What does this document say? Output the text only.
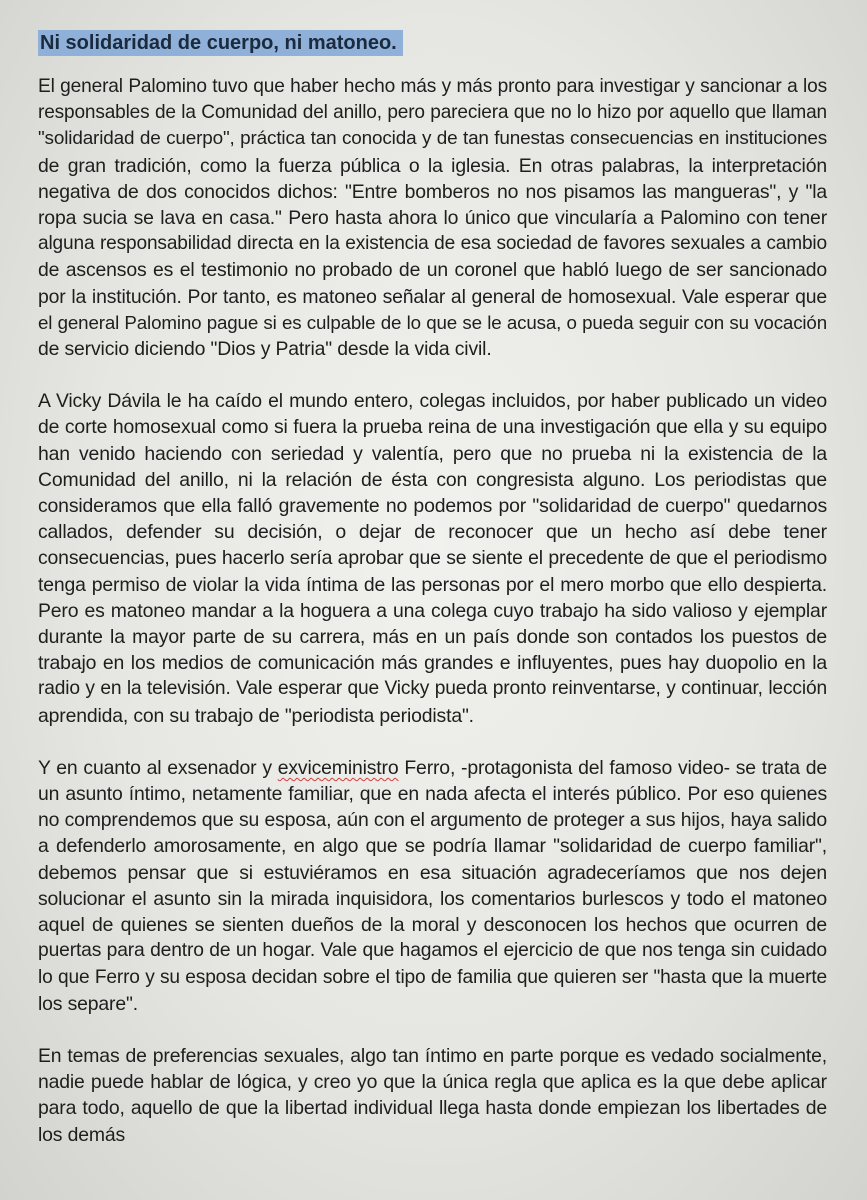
Ni solidaridad de cuerpo, ni matoneo.
El general Palomino tuvo que haber hecho más y más pronto para investigar y sancionar a los
responsables de la Comunidad del anillo, pero pareciera que no lo hizo por aquello que llaman
"solidaridad de cuerpo", práctica tan conocida y de tan funestas consecuencias en instituciones
de gran tradición, como la fuerza pública o la iglesia. En otras palabras, la interpretación
negativa de dos conocidos dichos: "Entre bomberos no nos pisamos las mangueras", y "la
ropa sucia se lava en casa." Pero hasta ahora lo único que vincularía a Palomino con tener
alguna responsabilidad directa en la existencia de esa sociedad de favores sexuales a cambio
de ascensos es el testimonio no probado de un coronel que habló luego de ser sancionado
por la institución. Por tanto, es matoneo señalar al general de homosexual. Vale esperar que
el general Palomino pague si es culpable de lo que se le acusa, o pueda seguir con su vocación
de servicio diciendo "Dios y Patria" desde la vida civil.
A Vicky Dávila le ha caído el mundo entero, colegas incluidos, por haber publicado un video
de corte homosexual como si fuera la prueba reina de una investigación que ella y su equipo
han venido haciendo con seriedad y valentía, pero que no prueba ni la existencia de la
Comunidad del anillo, ni la relación de ésta con congresista alguno. Los periodistas que
consideramos que ella falló gravemente no podemos por "solidaridad de cuerpo" quedarnos
callados, defender su decisión, o dejar de reconocer que un hecho así debe tener
consecuencias, pues hacerlo sería aprobar que se siente el precedente de que el periodismo
tenga permiso de violar la vida íntima de las personas por el mero morbo que ello despierta.
Pero es matoneo mandar a la hoguera a una colega cuyo trabajo ha sido valioso y ejemplar
durante la mayor parte de su carrera, más en un país donde son contados los puestos de
trabajo en los medios de comunicación más grandes e influyentes, pues hay duopolio en la
radio y en la televisión. Vale esperar que Vicky pueda pronto reinventarse, y continuar, lección
aprendida, con su trabajo de "periodista periodista".
Y en cuanto al exsenador y exviceministro Ferro, -protagonista del famoso video- se trata de
un asunto íntimo, netamente familiar, que en nada afecta el interés público. Por eso quienes
no comprendemos que su esposa, aún con el argumento de proteger a sus hijos, haya salido
a defenderlo amorosamente, en algo que se podría llamar "solidaridad de cuerpo familiar",
debemos pensar que si estuviéramos en esa situación agradeceríamos que nos dejen
solucionar el asunto sin la mirada inquisidora, los comentarios burlescos y todo el matoneo
aquel de quienes se sienten dueños de la moral y desconocen los hechos que ocurren de
puertas para dentro de un hogar. Vale que hagamos el ejercicio de que nos tenga sin cuidado
lo que Ferro y su esposa decidan sobre el tipo de familia que quieren ser "hasta que la muerte
los separe".
En temas de preferencias sexuales, algo tan íntimo en parte porque es vedado socialmente,
nadie puede hablar de lógica, y creo yo que la única regla que aplica es la que debe aplicar
para todo, aquello de que la libertad individual llega hasta donde empiezan los libertades de
los demás
